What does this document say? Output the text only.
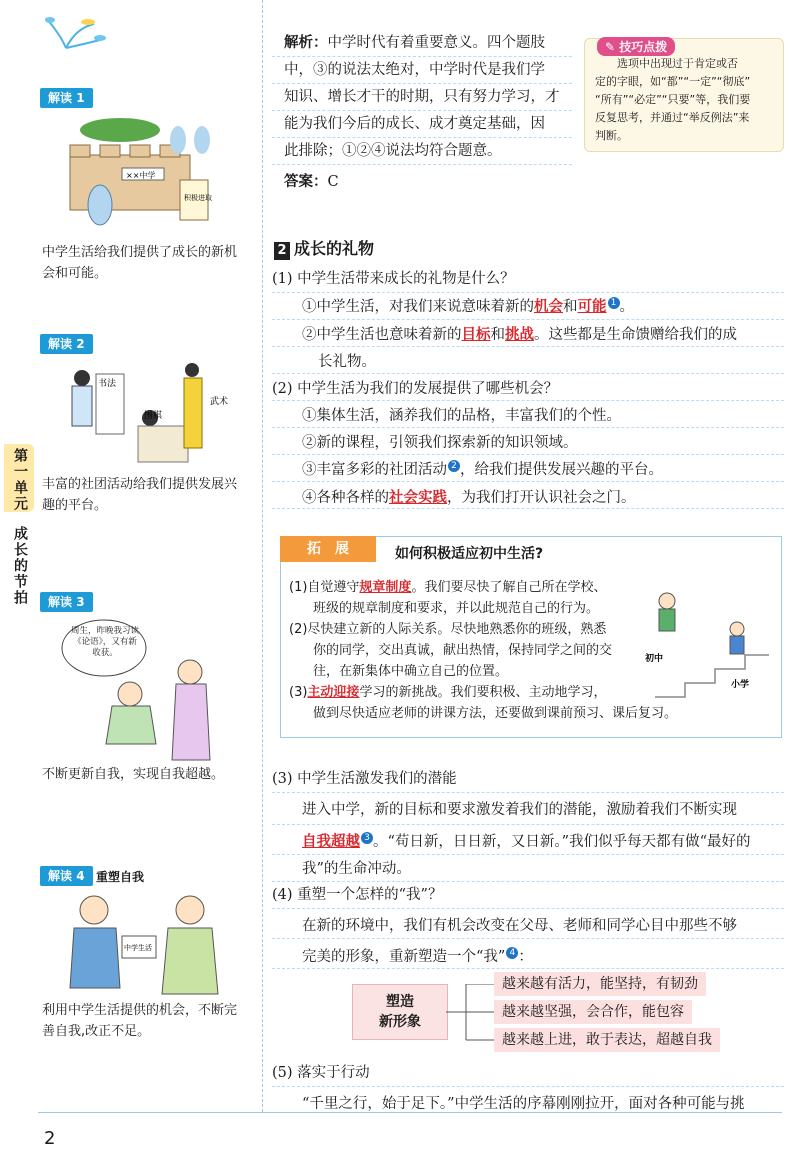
第一单元
成长的节拍
解读 1
××中学
积极进取
中学生活给我们提供了成长的新机会和可能。
解读 2
书法
围棋
武术
丰富的社团活动给我们提供发展兴趣的平台。
解读 3
周生，昨晚我习读《论语》，又有新收获。
不断更新自我，实现自我超越。
解读 4 重塑自我
中学生活
利用中学生活提供的机会，不断完善自我,改正不足。
解析：中学时代有着重要意义。四个题肢
中，③的说法太绝对，中学时代是我们学
知识、增长才干的时期，只有努力学习，才
能为我们今后的成长、成才奠定基础，因
此排除；①②④说法均符合题意。
答案：C
✎ 技巧点拨
选项中出现过于肯定或否
定的字眼，如“都”“一定”“彻底”
“所有”“必定”“只要”等，我们要
反复思考，并通过“举反例法”来
判断。
2 成长的礼物
(1) 中学生活带来成长的礼物是什么？
①中学生活，对我们来说意味着新的机会和可能 1 。
②中学生活也意味着新的目标和挑战。这些都是生命馈赠给我们的成
长礼物。
(2) 中学生活为我们的发展提供了哪些机会？
①集体生活，涵养我们的品格，丰富我们的个性。
②新的课程，引领我们探索新的知识领域。
③丰富多彩的社团活动 2 ，给我们提供发展兴趣的平台。
④各种各样的社会实践，为我们打开认识社会之门。
拓　展	如何积极适应初中生活?
(1)自觉遵守规章制度。我们要尽快了解自己所在学校、
班级的规章制度和要求，并以此规范自己的行为。
(2)尽快建立新的人际关系。尽快地熟悉你的班级，熟悉
你的同学，交出真诚，献出热情，保持同学之间的交
往，在新集体中确立自己的位置。
(3)主动迎接学习的新挑战。我们要积极、主动地学习，
做到尽快适应老师的讲课方法，还要做到课前预习、课后复习。
初中
小学
(3) 中学生活激发我们的潜能
进入中学，新的目标和要求激发着我们的潜能，激励着我们不断实现
自我超越 3 。“苟日新，日日新，又日新。”我们似乎每天都有做“最好的
我”的生命冲动。
(4) 重塑一个怎样的“我”？
在新的环境中，我们有机会改变在父母、老师和同学心目中那些不够
完美的形象，重新塑造一个“我” 4 ：
塑造
新形象
越来越有活力，能坚持，有韧劲
越来越坚强，会合作，能包容
越来越上进，敢于表达，超越自我
(5) 落实于行动
“千里之行，始于足下。”中学生活的序幕刚刚拉开，面对各种可能与挑
2
